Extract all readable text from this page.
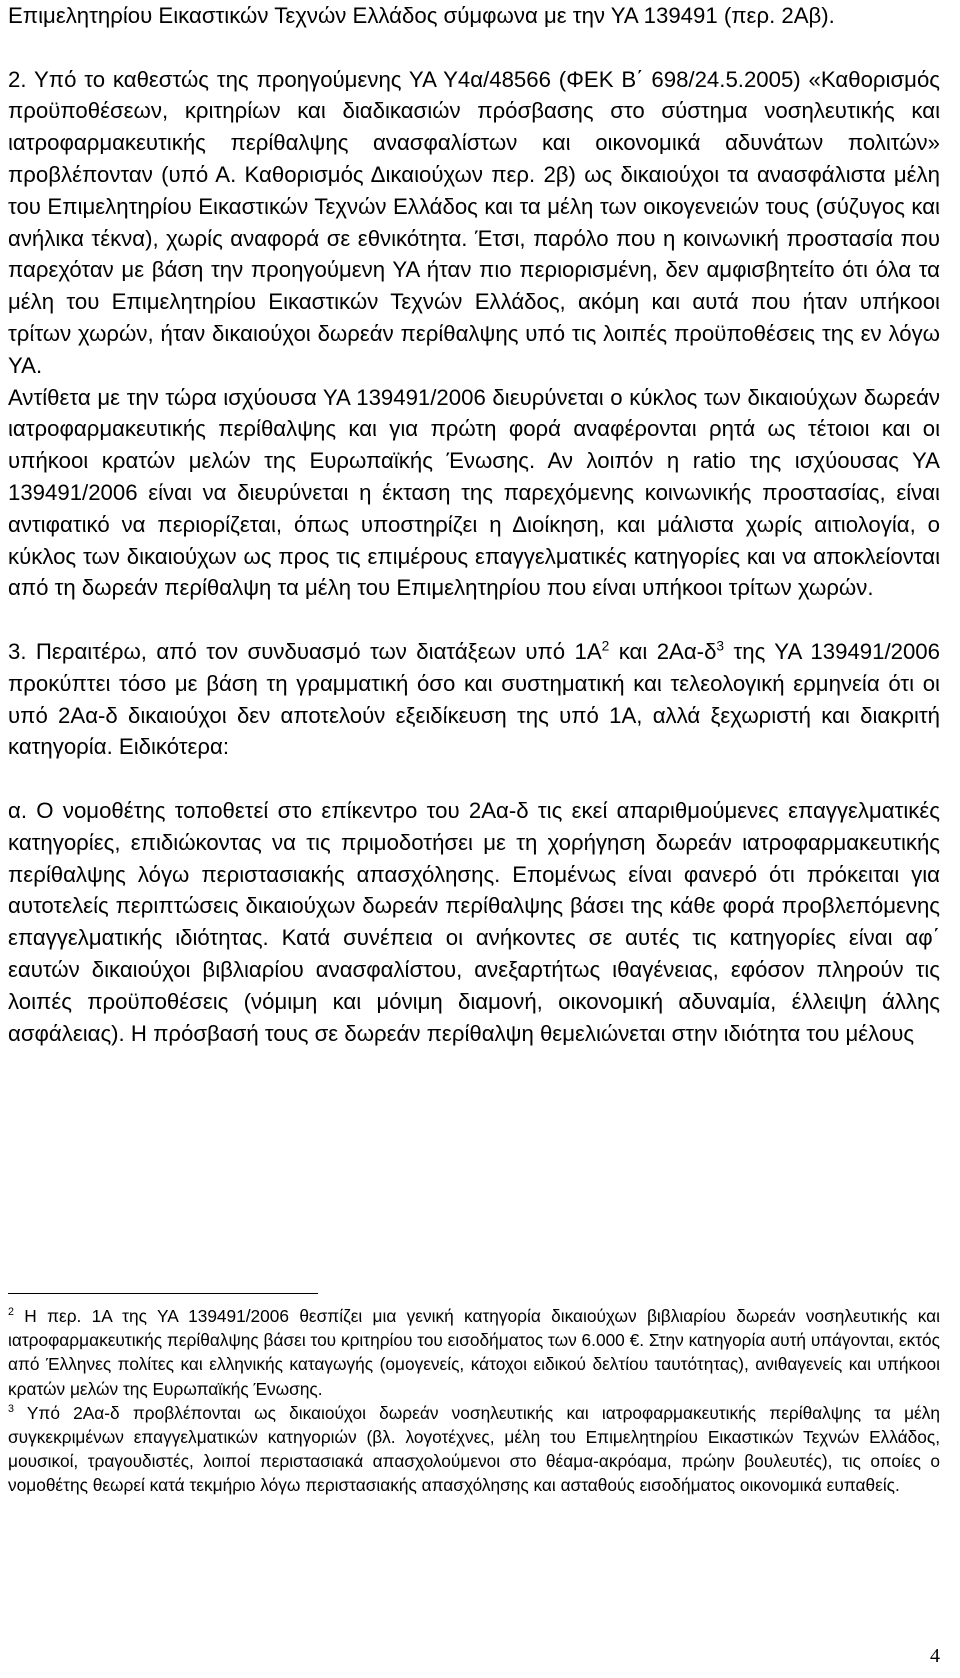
Επιμελητηρίου Εικαστικών Τεχνών Ελλάδος σύμφωνα με την ΥΑ 139491 (περ. 2Αβ).

2. Υπό το καθεστώς της προηγούμενης ΥΑ Υ4α/48566 (ΦΕΚ Β΄ 698/24.5.2005) «Καθορισμός προϋποθέσεων, κριτηρίων και διαδικασιών πρόσβασης στο σύστημα νοσηλευτικής και ιατροφαρμακευτικής περίθαλψης ανασφαλίστων και οικονομικά αδυνάτων πολιτών» προβλέπονταν (υπό Α. Καθορισμός Δικαιούχων περ. 2β) ως δικαιούχοι τα ανασφάλιστα μέλη του Επιμελητηρίου Εικαστικών Τεχνών Ελλάδος και τα μέλη των οικογενειών τους (σύζυγος και ανήλικα τέκνα), χωρίς αναφορά σε εθνικότητα. Έτσι, παρόλο που η κοινωνική προστασία που παρεχόταν με βάση την προηγούμενη ΥΑ ήταν πιο περιορισμένη, δεν αμφισβητείτο ότι όλα τα μέλη του Επιμελητηρίου Εικαστικών Τεχνών Ελλάδος, ακόμη και αυτά που ήταν υπήκοοι τρίτων χωρών, ήταν δικαιούχοι δωρεάν περίθαλψης υπό τις λοιπές προϋποθέσεις της εν λόγω ΥΑ.

Αντίθετα με την τώρα ισχύουσα ΥΑ 139491/2006 διευρύνεται ο κύκλος των δικαιούχων δωρεάν ιατροφαρμακευτικής περίθαλψης και για πρώτη φορά αναφέρονται ρητά ως τέτοιοι και οι υπήκοοι κρατών μελών της Ευρωπαϊκής Ένωσης. Αν λοιπόν η ratio της ισχύουσας ΥΑ 139491/2006 είναι να διευρύνεται η έκταση της παρεχόμενης κοινωνικής προστασίας, είναι αντιφατικό να περιορίζεται, όπως υποστηρίζει η Διοίκηση, και μάλιστα χωρίς αιτιολογία, ο κύκλος των δικαιούχων ως προς τις επιμέρους επαγγελματικές κατηγορίες και να αποκλείονται από τη δωρεάν περίθαλψη τα μέλη του Επιμελητηρίου που είναι υπήκοοι τρίτων χωρών.

3. Περαιτέρω, από τον συνδυασμό των διατάξεων υπό $1A^2$ και $2A\alpha-\delta^3$ της ΥΑ 139491/2006 προκύπτει τόσο με βάση τη γραμματική όσο και συστηματική και τελεολογική ερμηνεία ότι οι υπό 2Αα-δ δικαιούχοι δεν αποτελούν εξειδίκευση της υπό 1Α, αλλά ξεχωριστή και διακριτή κατηγορία. Ειδικότερα:

α. Ο νομοθέτης τοποθετεί στο επίκεντρο του 2Αα-δ τις εκεί απαριθμούμενες επαγγελματικές κατηγορίες, επιδιώκοντας να τις πριμοδοτήσει με τη χορήγηση δωρεάν ιατροφαρμακευτικής περίθαλψης λόγω περιστασιακής απασχόλησης. Επομένως είναι φανερό ότι πρόκειται για αυτοτελείς περιπτώσεις δικαιούχων δωρεάν περίθαλψης βάσει της κάθε φορά προβλεπόμενης επαγγελματικής ιδιότητας. Κατά συνέπεια οι ανήκοντες σε αυτές τις κατηγορίες είναι αφ΄ εαυτών δικαιούχοι βιβλιαρίου ανασφαλίστου, ανεξαρτήτως ιθαγένειας, εφόσον πληρούν τις λοιπές προϋποθέσεις (νόμιμη και μόνιμη διαμονή, οικονομική αδυναμία, έλλειψη άλλης ασφάλειας). Η πρόσβασή τους σε δωρεάν περίθαλψη θεμελιώνεται στην ιδιότητα του μέλους

$^2$ Η περ. 1Α της ΥΑ 139491/2006 θεσπίζει μια γενική κατηγορία δικαιούχων βιβλιαρίου δωρεάν νοσηλευτικής και ιατροφαρμακευτικής περίθαλψης βάσει του κριτηρίου του εισοδήματος των 6.000 €. Στην κατηγορία αυτή υπάγονται, εκτός από Έλληνες πολίτες και ελληνικής καταγωγής (ομογενείς, κάτοχοι ειδικού δελτίου ταυτότητας), ανιθαγενείς και υπήκοοι κρατών μελών της Ευρωπαϊκής Ένωσης.

$^3$ Υπό 2Αα-δ προβλέπονται ως δικαιούχοι δωρεάν νοσηλευτικής και ιατροφαρμακευτικής περίθαλψης τα μέλη συγκεκριμένων επαγγελματικών κατηγοριών (βλ. λογοτέχνες, μέλη του Επιμελητηρίου Εικαστικών Τεχνών Ελλάδος, μουσικοί, τραγουδιστές, λοιποί περιστασιακά απασχολούμενοι στο θέαμα-ακρόαμα, πρώην βουλευτές), τις οποίες ο νομοθέτης θεωρεί κατά τεκμήριο λόγω περιστασιακής απασχόλησης και ασταθούς εισοδήματος οικονομικά ευπαθείς.

4
